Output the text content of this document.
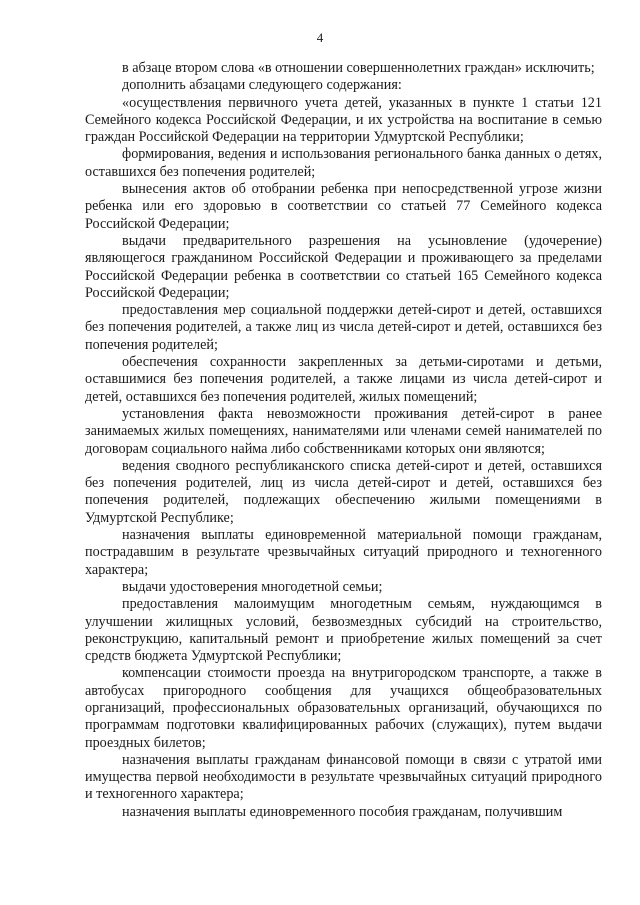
4

в абзаце втором слова «в отношении совершеннолетних граждан» исключить;

дополнить абзацами следующего содержания:

«осуществления первичного учета детей, указанных в пункте 1 статьи 121 Семейного кодекса Российской Федерации, и их устройства на воспитание в семью граждан Российской Федерации на территории Удмуртской Республики;

формирования, ведения и использования регионального банка данных о детях, оставшихся без попечения родителей;

вынесения актов об отобрании ребенка при непосредственной угрозе жизни ребенка или его здоровью в соответствии со статьей 77 Семейного кодекса Российской Федерации;

выдачи предварительного разрешения на усыновление (удочерение) являющегося гражданином Российской Федерации и проживающего за пределами Российской Федерации ребенка в соответствии со статьей 165 Семейного кодекса Российской Федерации;

предоставления мер социальной поддержки детей-сирот и детей, оставшихся без попечения родителей, а также лиц из числа детей-сирот и детей, оставшихся без попечения родителей;

обеспечения сохранности закрепленных за детьми-сиротами и детьми, оставшимися без попечения родителей, а также лицами из числа детей-сирот и детей, оставшихся без попечения родителей, жилых помещений;

установления факта невозможности проживания детей-сирот в ранее занимаемых жилых помещениях, нанимателями или членами семей нанимателей по договорам социального найма либо собственниками которых они являются;

ведения сводного республиканского списка детей-сирот и детей, оставшихся без попечения родителей, лиц из числа детей-сирот и детей, оставшихся без попечения родителей, подлежащих обеспечению жилыми помещениями в Удмуртской Республике;

назначения выплаты единовременной материальной помощи гражданам, пострадавшим в результате чрезвычайных ситуаций природного и техногенного характера;

выдачи удостоверения многодетной семьи;

предоставления малоимущим многодетным семьям, нуждающимся в улучшении жилищных условий, безвозмездных субсидий на строительство, реконструкцию, капитальный ремонт и приобретение жилых помещений за счет средств бюджета Удмуртской Республики;

компенсации стоимости проезда на внутригородском транспорте, а также в автобусах пригородного сообщения для учащихся общеобразовательных организаций, профессиональных образовательных организаций, обучающихся по программам подготовки квалифицированных рабочих (служащих), путем выдачи проездных билетов;

назначения выплаты гражданам финансовой помощи в связи с утратой ими имущества первой необходимости в результате чрезвычайных ситуаций природного и техногенного характера;

назначения выплаты единовременного пособия гражданам, получившим
